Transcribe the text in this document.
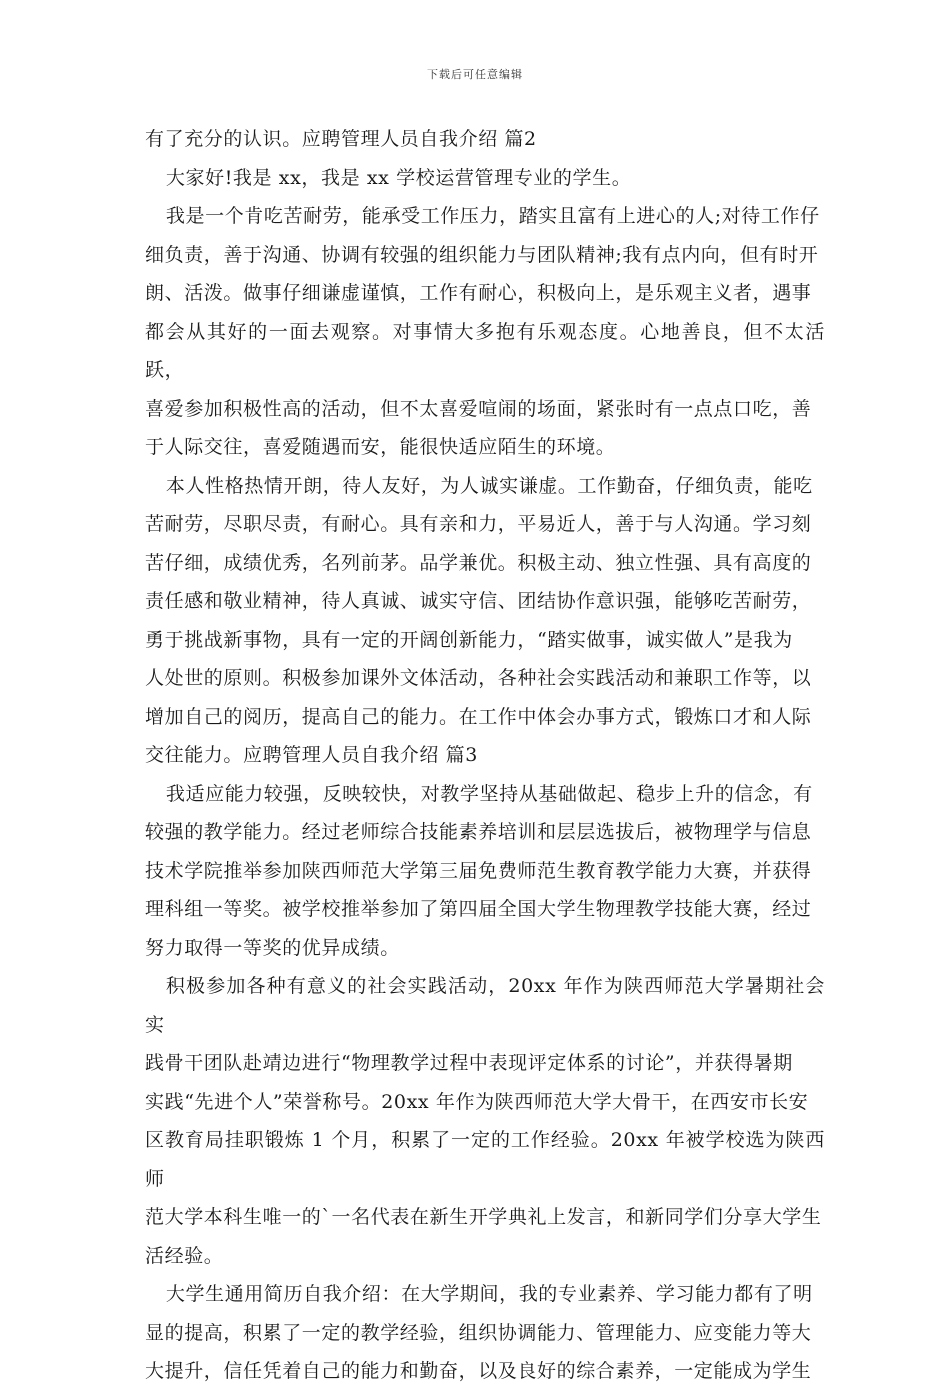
下载后可任意编辑
有了充分的认识。应聘管理人员自我介绍 篇2
大家好!我是 xx，我是 xx 学校运营管理专业的学生。
我是一个肯吃苦耐劳，能承受工作压力，踏实且富有上进心的人;对待工作仔
细负责，善于沟通、协调有较强的组织能力与团队精神;我有点内向，但有时开
朗、活泼。做事仔细谦虚谨慎，工作有耐心，积极向上，是乐观主义者，遇事
都会从其好的一面去观察。对事情大多抱有乐观态度。心地善良，但不太活跃，
喜爱参加积极性高的活动，但不太喜爱喧闹的场面，紧张时有一点点口吃，善
于人际交往，喜爱随遇而安，能很快适应陌生的环境。
本人性格热情开朗，待人友好，为人诚实谦虚。工作勤奋，仔细负责，能吃
苦耐劳，尽职尽责，有耐心。具有亲和力，平易近人，善于与人沟通。学习刻
苦仔细，成绩优秀，名列前茅。品学兼优。积极主动、独立性强、具有高度的
责任感和敬业精神，待人真诚、诚实守信、团结协作意识强，能够吃苦耐劳，
勇于挑战新事物，具有一定的开阔创新能力，“踏实做事，诚实做人”是我为
人处世的原则。积极参加课外文体活动，各种社会实践活动和兼职工作等，以
增加自己的阅历，提高自己的能力。在工作中体会办事方式，锻炼口才和人际
交往能力。应聘管理人员自我介绍 篇3
我适应能力较强，反映较快，对教学坚持从基础做起、稳步上升的信念，有
较强的教学能力。经过老师综合技能素养培训和层层选拔后，被物理学与信息
技术学院推举参加陕西师范大学第三届免费师范生教育教学能力大赛，并获得
理科组一等奖。被学校推举参加了第四届全国大学生物理教学技能大赛，经过
努力取得一等奖的优异成绩。
积极参加各种有意义的社会实践活动，20xx 年作为陕西师范大学暑期社会实
践骨干团队赴靖边进行“物理教学过程中表现评定体系的讨论”，并获得暑期
实践“先进个人”荣誉称号。20xx 年作为陕西师范大学大骨干，在西安市长安
区教育局挂职锻炼 1 个月，积累了一定的工作经验。20xx 年被学校选为陕西师
范大学本科生唯一的`一名代表在新生开学典礼上发言，和新同学们分享大学生
活经验。
大学生通用简历自我介绍：在大学期间，我的专业素养、学习能力都有了明
显的提高，积累了一定的教学经验，组织协调能力、管理能力、应变能力等大
大提升，信任凭着自己的能力和勤奋，以及良好的综合素养，一定能成为学生
